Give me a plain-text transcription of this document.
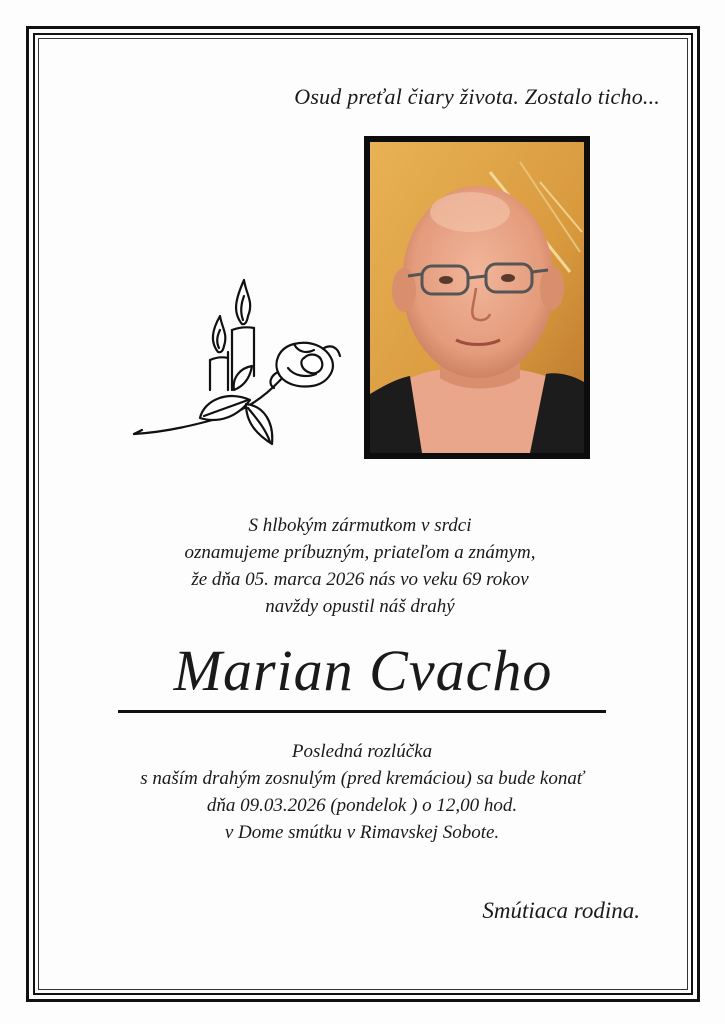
Osud preťal čiary života. Zostalo ticho...
S hlbokým zármutkom v srdci
oznamujeme príbuzným, priateľom a známym,
že dňa 05. marca 2026 nás vo veku 69 rokov
navždy opustil náš drahý
Marian Cvacho
Posledná rozlúčka
s naším drahým zosnulým (pred kremáciou) sa bude konať
dňa 09.03.2026 (pondelok ) o 12,00 hod.
v Dome smútku v Rimavskej Sobote.
Smútiaca rodina.
